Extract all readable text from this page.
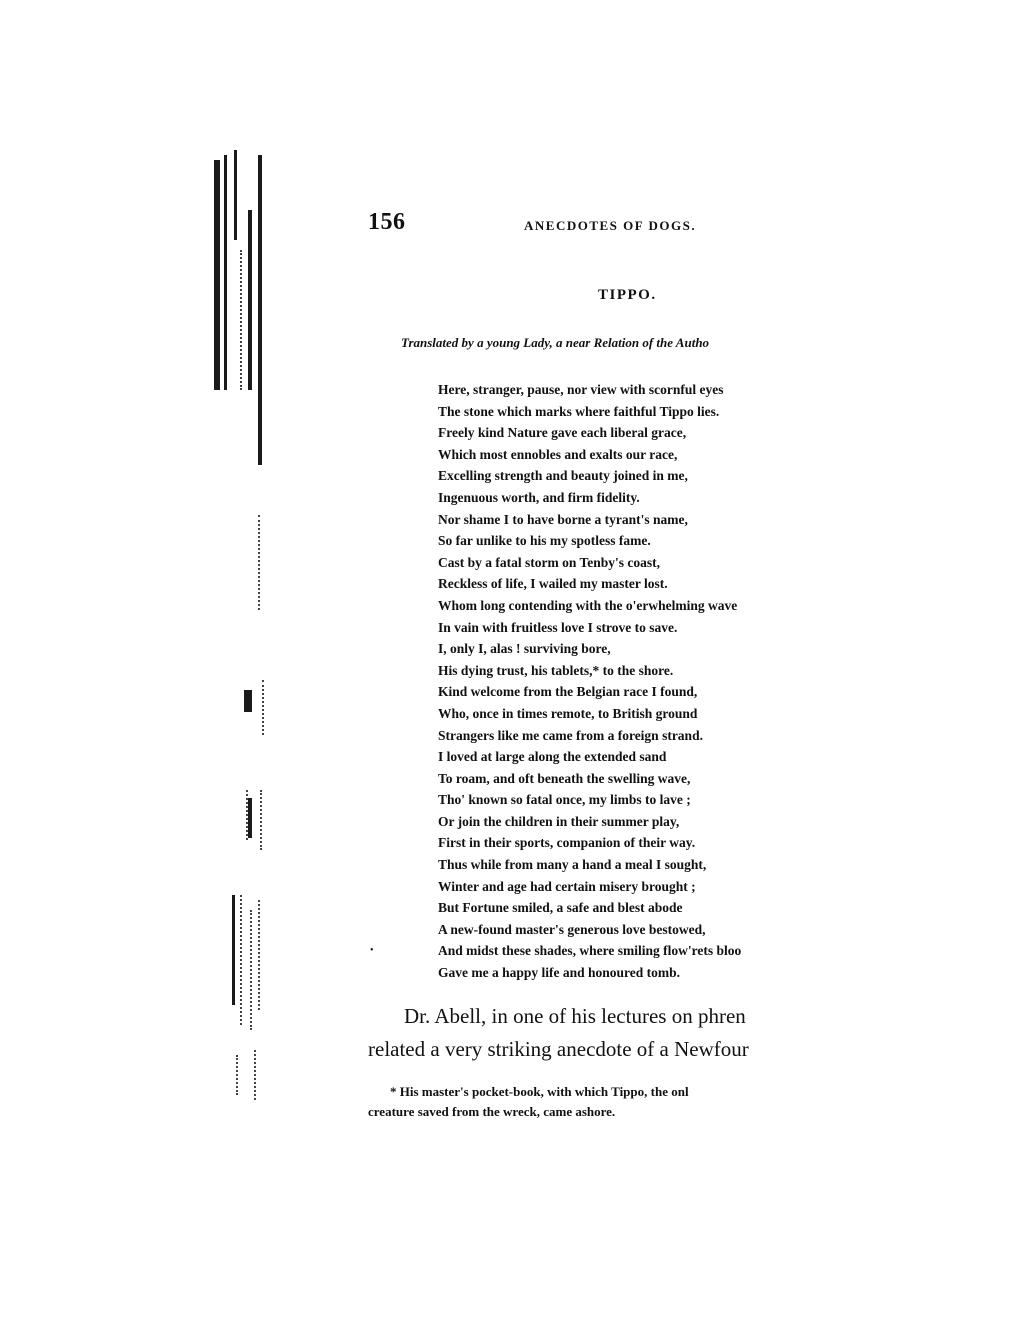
156	ANECDOTES OF DOGS.
TIPPO.
Translated by a young Lady, a near Relation of the Autho
Here, stranger, pause, nor view with scornful eyes
The stone which marks where faithful Tippo lies.
Freely kind Nature gave each liberal grace,
Which most ennobles and exalts our race,
Excelling strength and beauty joined in me,
Ingenuous worth, and firm fidelity.
Nor shame I to have borne a tyrant's name,
So far unlike to his my spotless fame.
Cast by a fatal storm on Tenby's coast,
Reckless of life, I wailed my master lost.
Whom long contending with the o'erwhelming wave
In vain with fruitless love I strove to save.
I, only I, alas ! surviving bore,
His dying trust, his tablets,* to the shore.
Kind welcome from the Belgian race I found,
Who, once in times remote, to British ground
Strangers like me came from a foreign strand.
I loved at large along the extended sand
To roam, and oft beneath the swelling wave,
Tho' known so fatal once, my limbs to lave ;
Or join the children in their summer play,
First in their sports, companion of their way.
Thus while from many a hand a meal I sought,
Winter and age had certain misery brought ;
But Fortune smiled, a safe and blest abode
A new-found master's generous love bestowed,
And midst these shades, where smiling flow'rets bloo
Gave me a happy life and honoured tomb.
•

Dr. Abell, in one of his lectures on phren
related a very striking anecdote of a Newfour

* His master's pocket-book, with which Tippo, the onl
creature saved from the wreck, came ashore.
